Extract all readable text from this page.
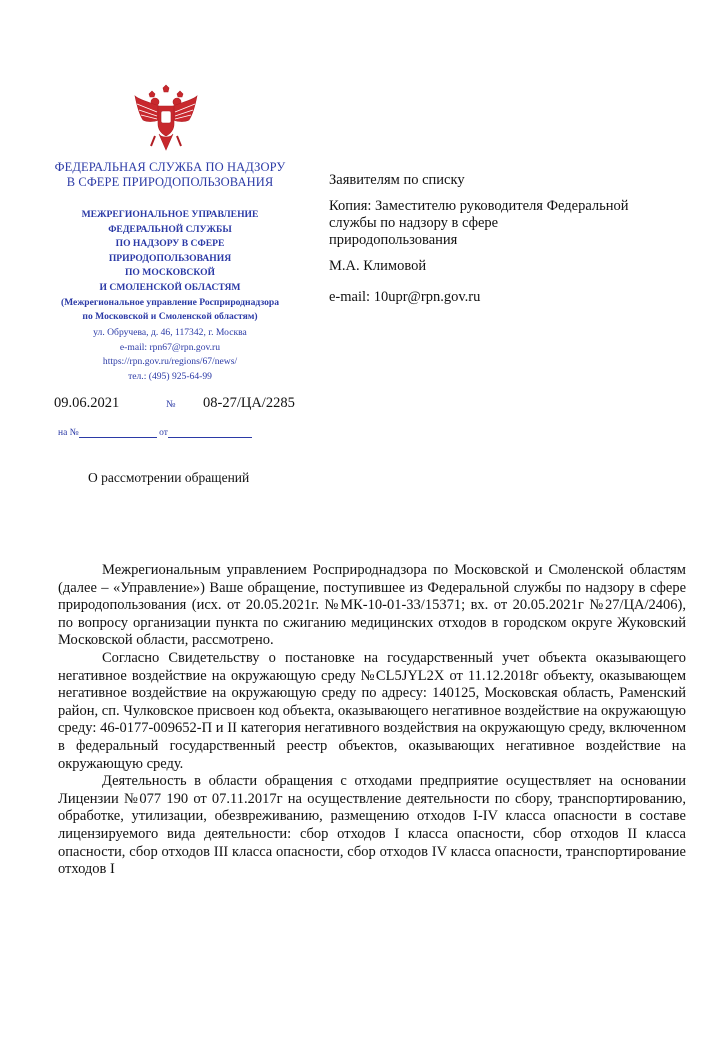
ФЕДЕРАЛЬНАЯ СЛУЖБА ПО НАДЗОРУ
В СФЕРЕ ПРИРОДОПОЛЬЗОВАНИЯ
МЕЖРЕГИОНАЛЬНОЕ УПРАВЛЕНИЕ
ФЕДЕРАЛЬНОЙ СЛУЖБЫ
ПО НАДЗОРУ В СФЕРЕ
ПРИРОДОПОЛЬЗОВАНИЯ
ПО МОСКОВСКОЙ
И СМОЛЕНСКОЙ ОБЛАСТЯМ
(Межрегиональное управление Росприроднадзора
по Московской и Смоленской областям)
ул. Обручева, д. 46, 117342, г. Москва
e-mail: rpn67@rpn.gov.ru
https://rpn.gov.ru/regions/67/news/
тел.: (495) 925-64-99
Заявителям по списку
Копия: Заместителю руководителя Федеральной службы по надзору в сфере природопользования
М.А. Климовой
e-mail: 10upr@rpn.gov.ru
09.06.2021	№ 08-27/ЦА/2285
на №	от
О рассмотрении обращений

Межрегиональным управлением Росприроднадзора по Московской и Смоленской областям (далее – «Управление») Ваше обращение, поступившее из Федеральной службы по надзору в сфере природопользования (исх. от 20.05.2021г. №МК-10-01-33/15371; вх. от 20.05.2021г №27/ЦА/2406), по вопросу организации пункта по сжиганию медицинских отходов в городском округе Жуковский Московской области, рассмотрено.

Согласно Свидетельству о постановке на государственный учет объекта оказывающего негативное воздействие на окружающую среду №CL5JYL2X от 11.12.2018г объекту, оказывающем негативное воздействие на окружающую среду по адресу: 140125, Московская область, Раменский район, сп. Чулковское присвоен код объекта, оказывающего негативное воздействие на окружающую среду: 46-0177-009652-П и II категория негативного воздействия на окружающую среду, включенном в федеральный государственный реестр объектов, оказывающих негативное воздействие на окружающую среду.

Деятельность в области обращения с отходами предприятие осуществляет на основании Лицензии №077 190 от 07.11.2017г на осуществление деятельности по сбору, транспортированию, обработке, утилизации, обезвреживанию, размещению отходов I-IV класса опасности в составе лицензируемого вида деятельности: сбор отходов I класса опасности, сбор отходов II класса опасности, сбор отходов III класса опасности, сбор отходов IV класса опасности, транспортирование отходов I
